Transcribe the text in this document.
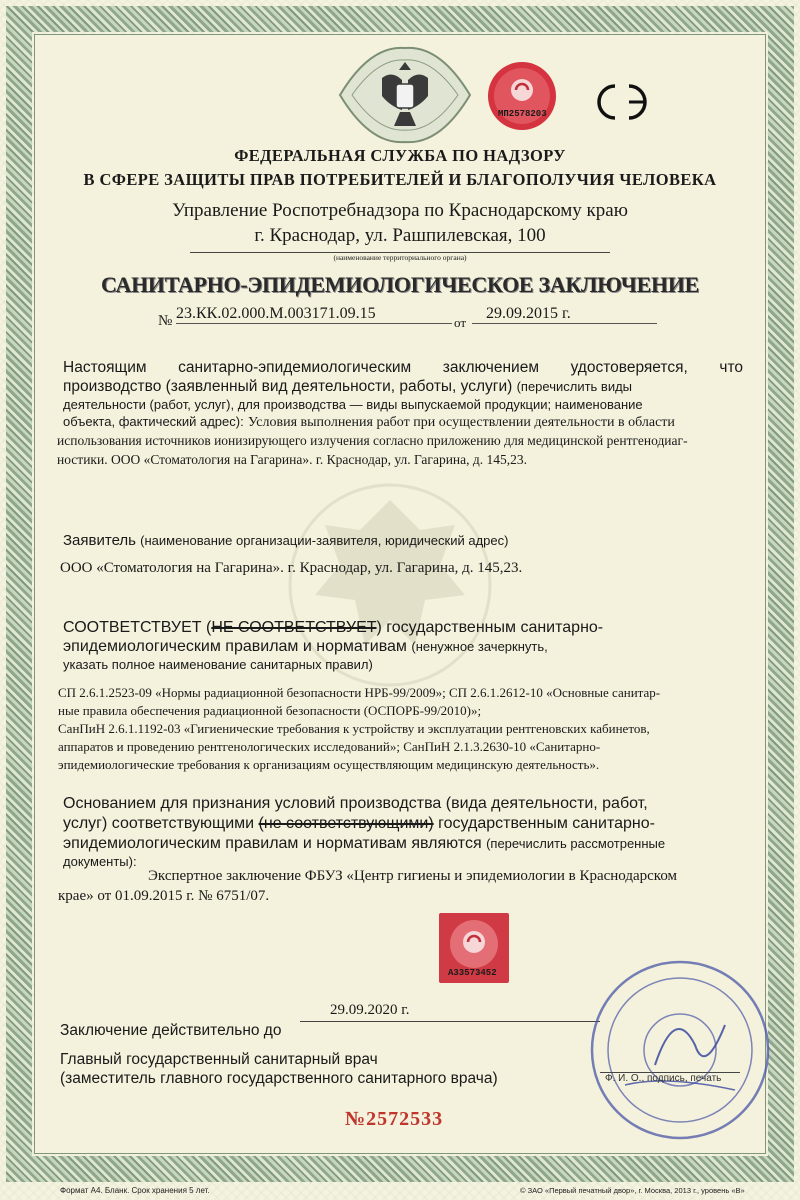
МП2578203
ФЕДЕРАЛЬНАЯ СЛУЖБА ПО НАДЗОРУ
В СФЕРЕ ЗАЩИТЫ ПРАВ ПОТРЕБИТЕЛЕЙ И БЛАГОПОЛУЧИЯ ЧЕЛОВЕКА
Управление Роспотребнадзора по Краснодарскому краю
г. Краснодар, ул. Рашпилевская, 100
(наименование территориального органа)
САНИТАРНО-ЭПИДЕМИОЛОГИЧЕСКОЕ ЗАКЛЮЧЕНИЕ
№ 23.КК.02.000.М.003171.09.15
от
29.09.2015 г.
Настоящим санитарно-эпидемиологическим заключением удостоверяется, что
производство (заявленный вид деятельности, работы, услуги) (перечислить виды
деятельности (работ, услуг), для производства — виды выпускаемой продукции; наименование
объекта, фактический адрес): Условия выполнения работ при осуществлении деятельности в области
использования источников ионизирующего излучения согласно приложению для медицинской рентгенодиаг-
ностики. ООО «Стоматология на Гагарина». г. Краснодар, ул. Гагарина, д. 145,23.
Заявитель (наименование организации-заявителя, юридический адрес)
ООО «Стоматология на Гагарина». г. Краснодар, ул. Гагарина, д. 145,23.
СООТВЕТСТВУЕТ (НЕ СООТВЕТСТВУЕТ) государственным санитарно-
эпидемиологическим правилам и нормативам (ненужное зачеркнуть,
указать полное наименование санитарных правил)
СП 2.6.1.2523-09 «Нормы радиационной безопасности НРБ-99/2009»; СП 2.6.1.2612-10 «Основные санитар-
ные правила обеспечения радиационной безопасности (ОСПОРБ-99/2010)»;
СанПиН 2.6.1.1192-03 «Гигиенические требования к устройству и эксплуатации рентгеновских кабинетов,
аппаратов и проведению рентгенологических исследований»; СанПиН 2.1.3.2630-10 «Санитарно-
эпидемиологические требования к организациям осуществляющим медицинскую деятельность».
Основанием для признания условий производства (вида деятельности, работ,
услуг) соответствующими (не соответствующими) государственным санитарно-
эпидемиологическим правилам и нормативам являются (перечислить рассмотренные
документы):
Экспертное заключение ФБУЗ «Центр гигиены и эпидемиологии в Краснодарском
крае» от 01.09.2015 г. № 6751/07.
А33573452
29.09.2020 г.
Заключение действительно до
Главный государственный санитарный врач
(заместитель главного государственного санитарного врача)	Ф. И. О., подпись, печать
№2572533
Формат А4. Бланк. Срок хранения 5 лет.	© ЗАО «Первый печатный двор», г. Москва, 2013 г., уровень «В»
